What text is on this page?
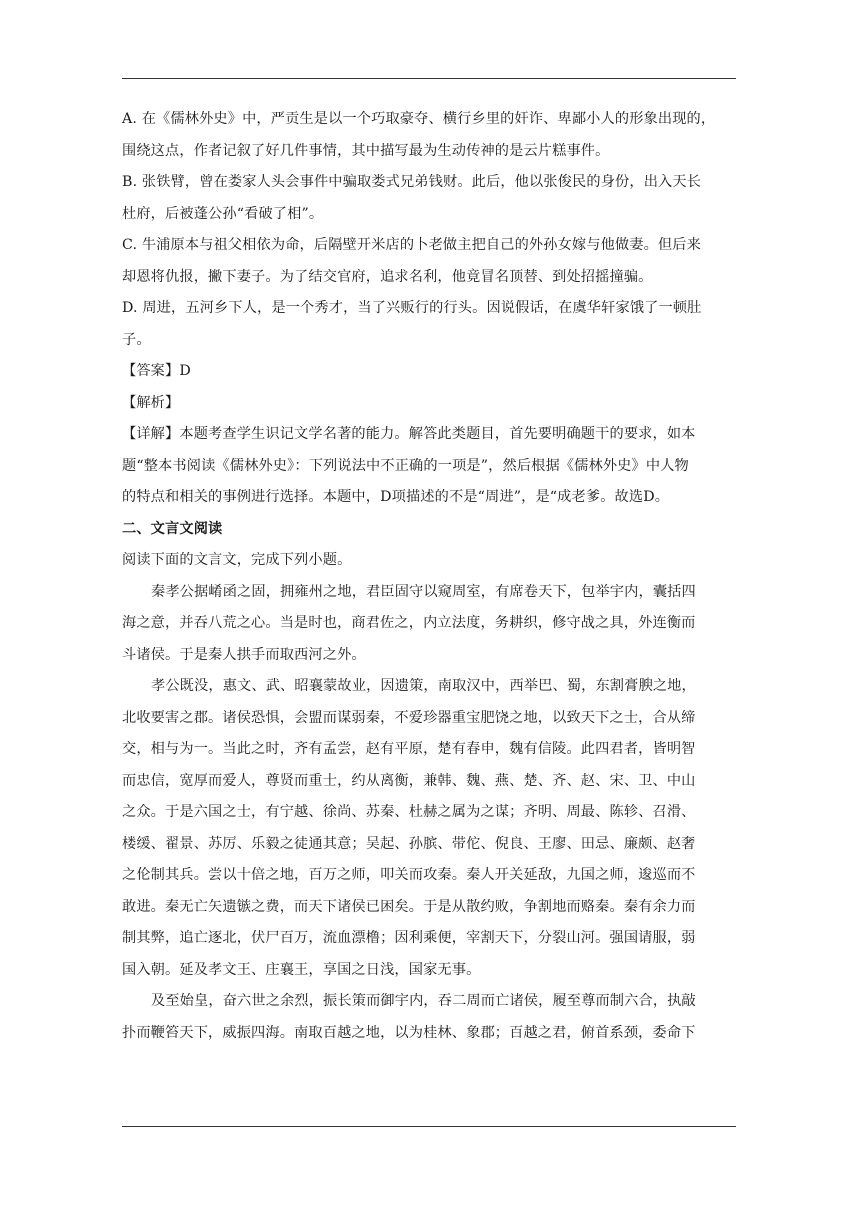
A. 在《儒林外史》中，严贡生是以一个巧取豪夺、横行乡里的奸诈、卑鄙小人的形象出现的，
围绕这点，作者记叙了好几件事情，其中描写最为生动传神的是云片糕事件。
B. 张铁臂，曾在娄家人头会事件中骗取娄式兄弟钱财。此后，他以张俊民的身份，出入天长
杜府，后被蓬公孙“看破了相”。
C. 牛浦原本与祖父相依为命，后隔壁开米店的卜老做主把自己的外孙女嫁与他做妻。但后来
却恩将仇报，撇下妻子。为了结交官府，追求名利，他竟冒名顶替、到处招摇撞骗。
D. 周进，五河乡下人，是一个秀才，当了兴贩行的行头。因说假话，在虞华轩家饿了一顿肚
子。
【答案】D
【解析】
【详解】本题考查学生识记文学名著的能力。解答此类题目，首先要明确题干的要求，如本
题“整本书阅读《儒林外史》：下列说法中不正确的一项是”，然后根据《儒林外史》中人物
的特点和相关的事例进行选择。本题中，D项描述的不是“周进”，是“成老爹。故选D。
二、文言文阅读
阅读下面的文言文，完成下列小题。
秦孝公据崤函之固，拥雍州之地，君臣固守以窥周室，有席卷天下，包举宇内，囊括四
海之意，并吞八荒之心。当是时也，商君佐之，内立法度，务耕织，修守战之具，外连衡而
斗诸侯。于是秦人拱手而取西河之外。
孝公既没，惠文、武、昭襄蒙故业，因遗策，南取汉中，西举巴、蜀，东割膏腴之地，
北收要害之郡。诸侯恐惧，会盟而谋弱秦，不爱珍器重宝肥饶之地，以致天下之士，合从缔
交，相与为一。当此之时，齐有孟尝，赵有平原，楚有春申，魏有信陵。此四君者，皆明智
而忠信，宽厚而爱人，尊贤而重士，约从离衡，兼韩、魏、燕、楚、齐、赵、宋、卫、中山
之众。于是六国之士，有宁越、徐尚、苏秦、杜赫之属为之谋；齐明、周最、陈轸、召滑、
楼缓、翟景、苏厉、乐毅之徒通其意；吴起、孙膑、带佗、倪良、王廖、田忌、廉颇、赵奢
之伦制其兵。尝以十倍之地，百万之师，叩关而攻秦。秦人开关延敌，九国之师，逡巡而不
敢进。秦无亡矢遗镞之费，而天下诸侯已困矣。于是从散约败，争割地而赂秦。秦有余力而
制其弊，追亡逐北，伏尸百万，流血漂橹；因利乘便，宰割天下，分裂山河。强国请服，弱
国入朝。延及孝文王、庄襄王，享国之日浅，国家无事。
及至始皇，奋六世之余烈，振长策而御宇内，吞二周而亡诸侯，履至尊而制六合，执敲
扑而鞭笞天下，威振四海。南取百越之地，以为桂林、象郡；百越之君，俯首系颈，委命下
